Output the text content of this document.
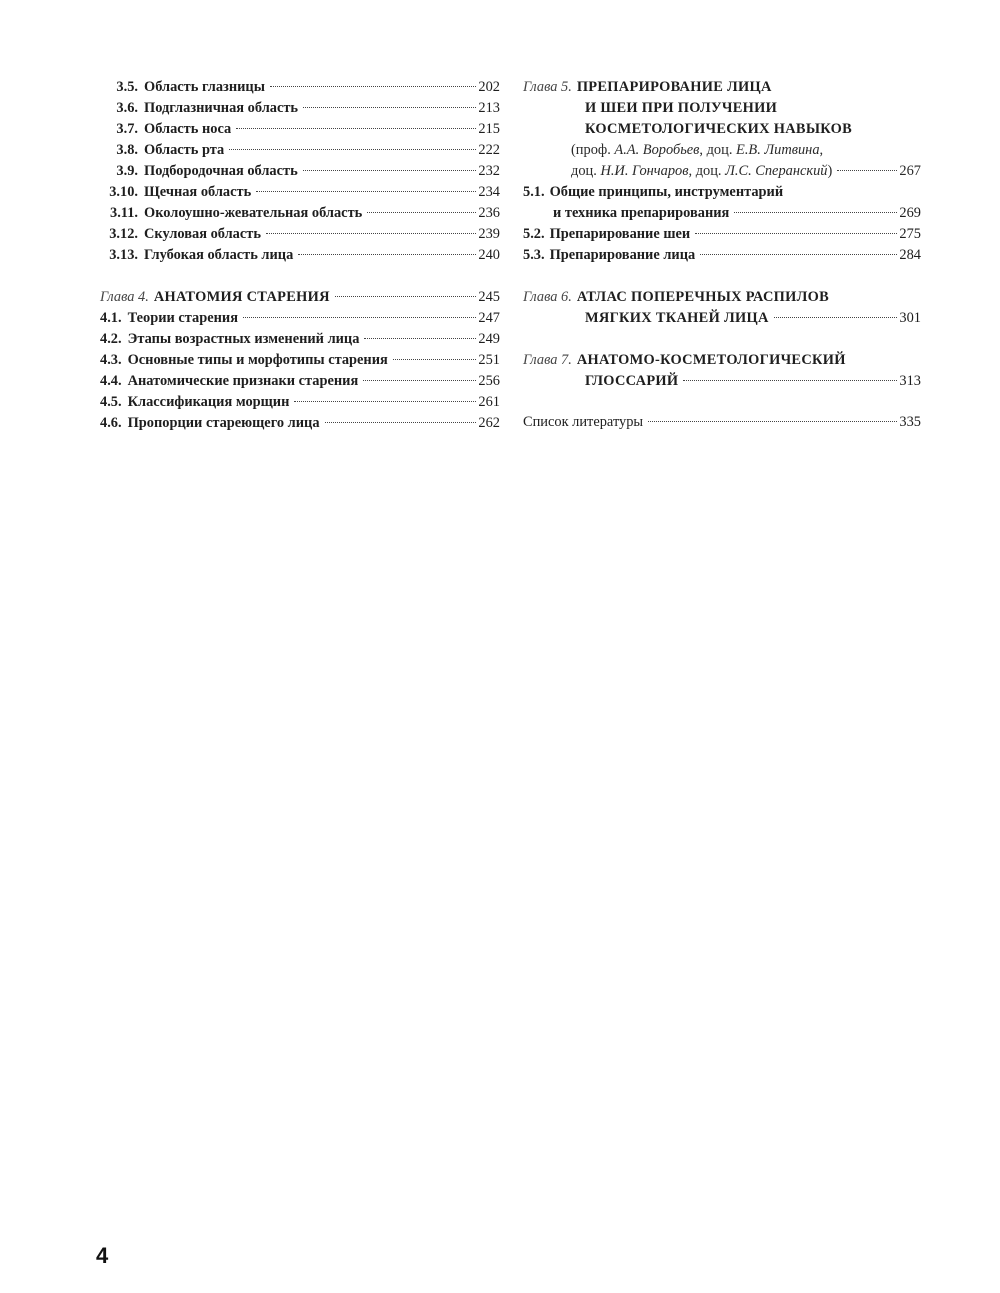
3.5. Область глазницы	202
3.6. Подглазничная область	213
3.7. Область носа	215
3.8. Область рта	222
3.9. Подбородочная область	232
3.10. Щечная область	234
3.11. Околоушно-жевательная область	236
3.12. Скуловая область	239
3.13. Глубокая область лица	240
Глава 4. АНАТОМИЯ СТАРЕНИЯ	245
4.1. Теории старения	247
4.2. Этапы возрастных изменений лица	249
4.3. Основные типы и морфотипы старения	251
4.4. Анатомические признаки старения	256
4.5. Классификация морщин	261
4.6. Пропорции стареющего лица	262
Глава 5. ПРЕПАРИРОВАНИЕ ЛИЦА
И ШЕИ ПРИ ПОЛУЧЕНИИ
КОСМЕТОЛОГИЧЕСКИХ НАВЫКОВ
(проф. А.А. Воробьев, доц. Е.В. Литвина,
доц. Н.И. Гончаров, доц. Л.С. Сперанский)	267
5.1. Общие принципы, инструментарий
и техника препарирования	269
5.2. Препарирование шеи	275
5.3. Препарирование лица	284
Глава 6. АТЛАС ПОПЕРЕЧНЫХ РАСПИЛОВ
МЯГКИХ ТКАНЕЙ ЛИЦА	301
Глава 7. АНАТОМО-КОСМЕТОЛОГИЧЕСКИЙ
ГЛОССАРИЙ	313
Список литературы	335
4
